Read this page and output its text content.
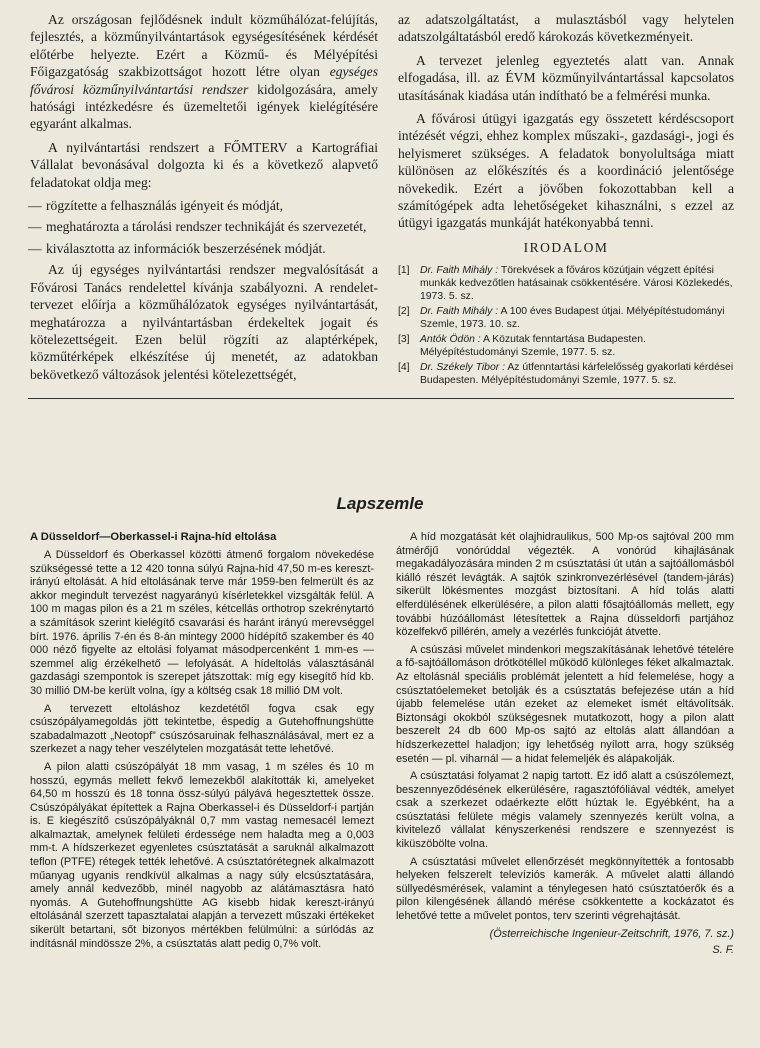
Az országosan fejlődésnek indult közműhálózat-felújítás, fejlesztés, a közműnyilvántartások egységesítésének kérdését előtérbe helyezte. Ezért a Közmű- és Mélyépítési Főigazgatóság szakbizottságot hozott létre olyan egységes fővárosi közműnyilvántartási rendszer kidolgozására, amely hatósági intézkedésre és üzemeltetői igények kielégítésére egyaránt alkalmas.

A nyilvántartási rendszert a FŐMTERV a Kartográfiai Vállalat bevonásával dolgozta ki és a következő alapvető feladatokat oldja meg:

— rögzítette a felhasználás igényeit és módját,

— meghatározta a tárolási rendszer technikáját és szervezetét,

— kiválasztotta az információk beszerzésének módját.

Az új egységes nyilvántartási rendszer megvalósítását a Fővárosi Tanács rendelettel kívánja szabályozni. A rendelet-tervezet előírja a közműhálózatok egységes nyilvántartását, meghatározza a nyilvántartásban érdekeltek jogait és kötelezettségeit. Ezen belül rögzíti az alaptérképek, közműtérképek elkészítése új menetét, az adatokban bekövetkező változások jelentési kötelezettségét,

az adatszolgáltatást, a mulasztásból vagy helytelen adatszolgáltatásból eredő károkozás következményeit.

A tervezet jelenleg egyeztetés alatt van. Annak elfogadása, ill. az ÉVM közműnyilvántartással kapcsolatos utasításának kiadása után indítható be a felmérési munka.

A fővárosi útügyi igazgatás egy összetett kérdéscsoport intézését végzi, ehhez komplex műszaki-, gazdasági-, jogi és helyismeret szükséges. A feladatok bonyolultsága miatt különösen az előkészítés és a koordináció jelentősége növekedik. Ezért a jövőben fokozottabban kell a számítógépek adta lehetőségeket kihasználni, s ezzel az útügyi igazgatás munkáját hatékonyabbá tenni.

IRODALOM
[1] Dr. Faith Mihály : Törekvések a főváros közútjain végzett építési munkák kedvezőtlen hatásainak csökkentésére. Városi Közlekedés, 1973. 5. sz.
[2] Dr. Faith Mihály : A 100 éves Budapest útjai. Mélyépítéstudományi Szemle, 1973. 10. sz.
[3] Antók Ödön : A Közutak fenntartása Budapesten. Mélyépítéstudományi Szemle, 1977. 5. sz.
[4] Dr. Székely Tibor : Az útfenntartási kárfelelősség gyakorlati kérdései Budapesten. Mélyépítéstudományi Szemle, 1977. 5. sz.
Lapszemle
A Düsseldorf—Oberkassel-i Rajna-híd eltolása

A Düsseldorf és Oberkassel közötti átmenő forgalom növekedése szükségessé tette a 12 420 tonna súlyú Rajna-híd 47,50 m-es kereszt-irányú eltolását. A híd eltolásának terve már 1959-ben felmerült és az akkor megindult tervezést nagyarányú kísérletekkel vizsgálták felül. A 100 m magas pilon és a 21 m széles, kétcellás orthotrop szekrénytartó a számítások szerint kielégítő csavarási és haránt irányú merevséggel bírt. 1976. április 7-én és 8-án mintegy 2000 hídépítő szakember és 40 000 néző figyelte az eltolási folyamat másodpercenként 1 mm-es — szemmel alig érzékelhető — lefolyását. A hídeltolás választásánál gazdasági szempontok is szerepet játszottak: míg egy kisegítő híd kb. 30 millió DM-be került volna, így a költség csak 18 millió DM volt.

A tervezett eltoláshoz kezdetétől fogva csak egy csúszópályamegoldás jött tekintetbe, éspedig a Gutehoffnungshütte szabadalmazott „Neotopf” csúszósaruinak felhasználásával, mert ez a szerkezet a nagy teher veszélytelen mozgatását tette lehetővé.

A pilon alatti csúszópályát 18 mm vasag, 1 m széles és 10 m hosszú, egymás mellett fekvő lemezekből alakították ki, amelyeket 64,50 m hosszú és 18 tonna össz-súlyú pályává hegesztettek össze. Csúszópályákat építettek a Rajna Oberkassel-i és Düsseldorf-i partján is. E kiegészítő csúszópályáknál 0,7 mm vastag nemesacél lemezt alkalmaztak, amelynek felületi érdessége nem haladta meg a 0,003 mm-t. A hídszerkezet egyenletes csúsztatását a saruknál alkalmazott teflon (PTFE) rétegek tették lehetővé. A csúsztatórétegnek alkalmazott műanyag ugyanis rendkívül alkalmas a nagy súly elcsúsztatására, amely annál kedvezőbb, minél nagyobb az alátámasztásra ható nyomás. A Gutehoffnungshütte AG kisebb hidak kereszt-irányú eltolásánál szerzett tapasztalatai alapján a tervezett műszaki értékeket sikerült betartani, sőt bizonyos mértékben felülmúlni: a súrlódás az indításnál mindössze 2%, a csúsztatás alatt pedig 0,7% volt.

A híd mozgatását két olajhidraulikus, 500 Mp-os sajtóval 200 mm átmérőjű vonórúddal végezték. A vonórúd kihajlásának megakadályozására minden 2 m csúsztatási út után a sajtóállomásból kiálló részét levágták. A sajtók szinkronvezérlésével (tandem-járás) sikerült lökésmentes mozgást biztosítani. A híd tolás alatti elferdülésének elkerülésére, a pilon alatti fősajtóállomás mellett, egy további húzóállomást létesítettek a Rajna düsseldorfi partjához közelfekvő pillérén, amely a vezérlés funkcióját átvette.

A csúszási művelet mindenkori megszakításának lehetővé tételére a fő-sajtóállomáson drótkötéllel működő különleges féket alkalmaztak. Az eltolásnál speciális problémát jelentett a híd felemelése, hogy a csúsztatóelemeket betolják és a csúsztatás befejezése után a híd újabb felemelése után ezeket az elemeket ismét eltávolítsák. Biztonsági okokból szükségesnek mutatkozott, hogy a pilon alatt beszerelt 24 db 600 Mp-os sajtó az eltolás alatt állandóan a hídszerkezettel haladjon; így lehetőség nyílott arra, hogy szükség esetén — pl. viharnál — a hidat felemeljék és alápakolják.

A csúsztatási folyamat 2 napig tartott. Ez idő alatt a csúszólemezt, beszennyeződésének elkerülésére, ragasztófóliával védték, amelyet csak a szerkezet odaérkezte előtt húztak le. Egyébként, ha a csúsztatási felülete mégis valamely szennyezés került volna, a kivitelező vállalat kényszerkenési rendszere e szennyezést is kiküszöbölte volna.

A csúsztatási művelet ellenőrzését megkönnyítették a fontosabb helyeken felszerelt televíziós kamerák. A művelet alatti állandó süllyedésmérések, valamint a ténylegesen ható csúsztatóerők és a pilon kilengésének állandó mérése csökkentette a kockázatot és lehetővé tette a művelet pontos, terv szerinti végrehajtását.

(Österreichische Ingenieur-Zeitschrift, 1976, 7. sz.)
S. F.
